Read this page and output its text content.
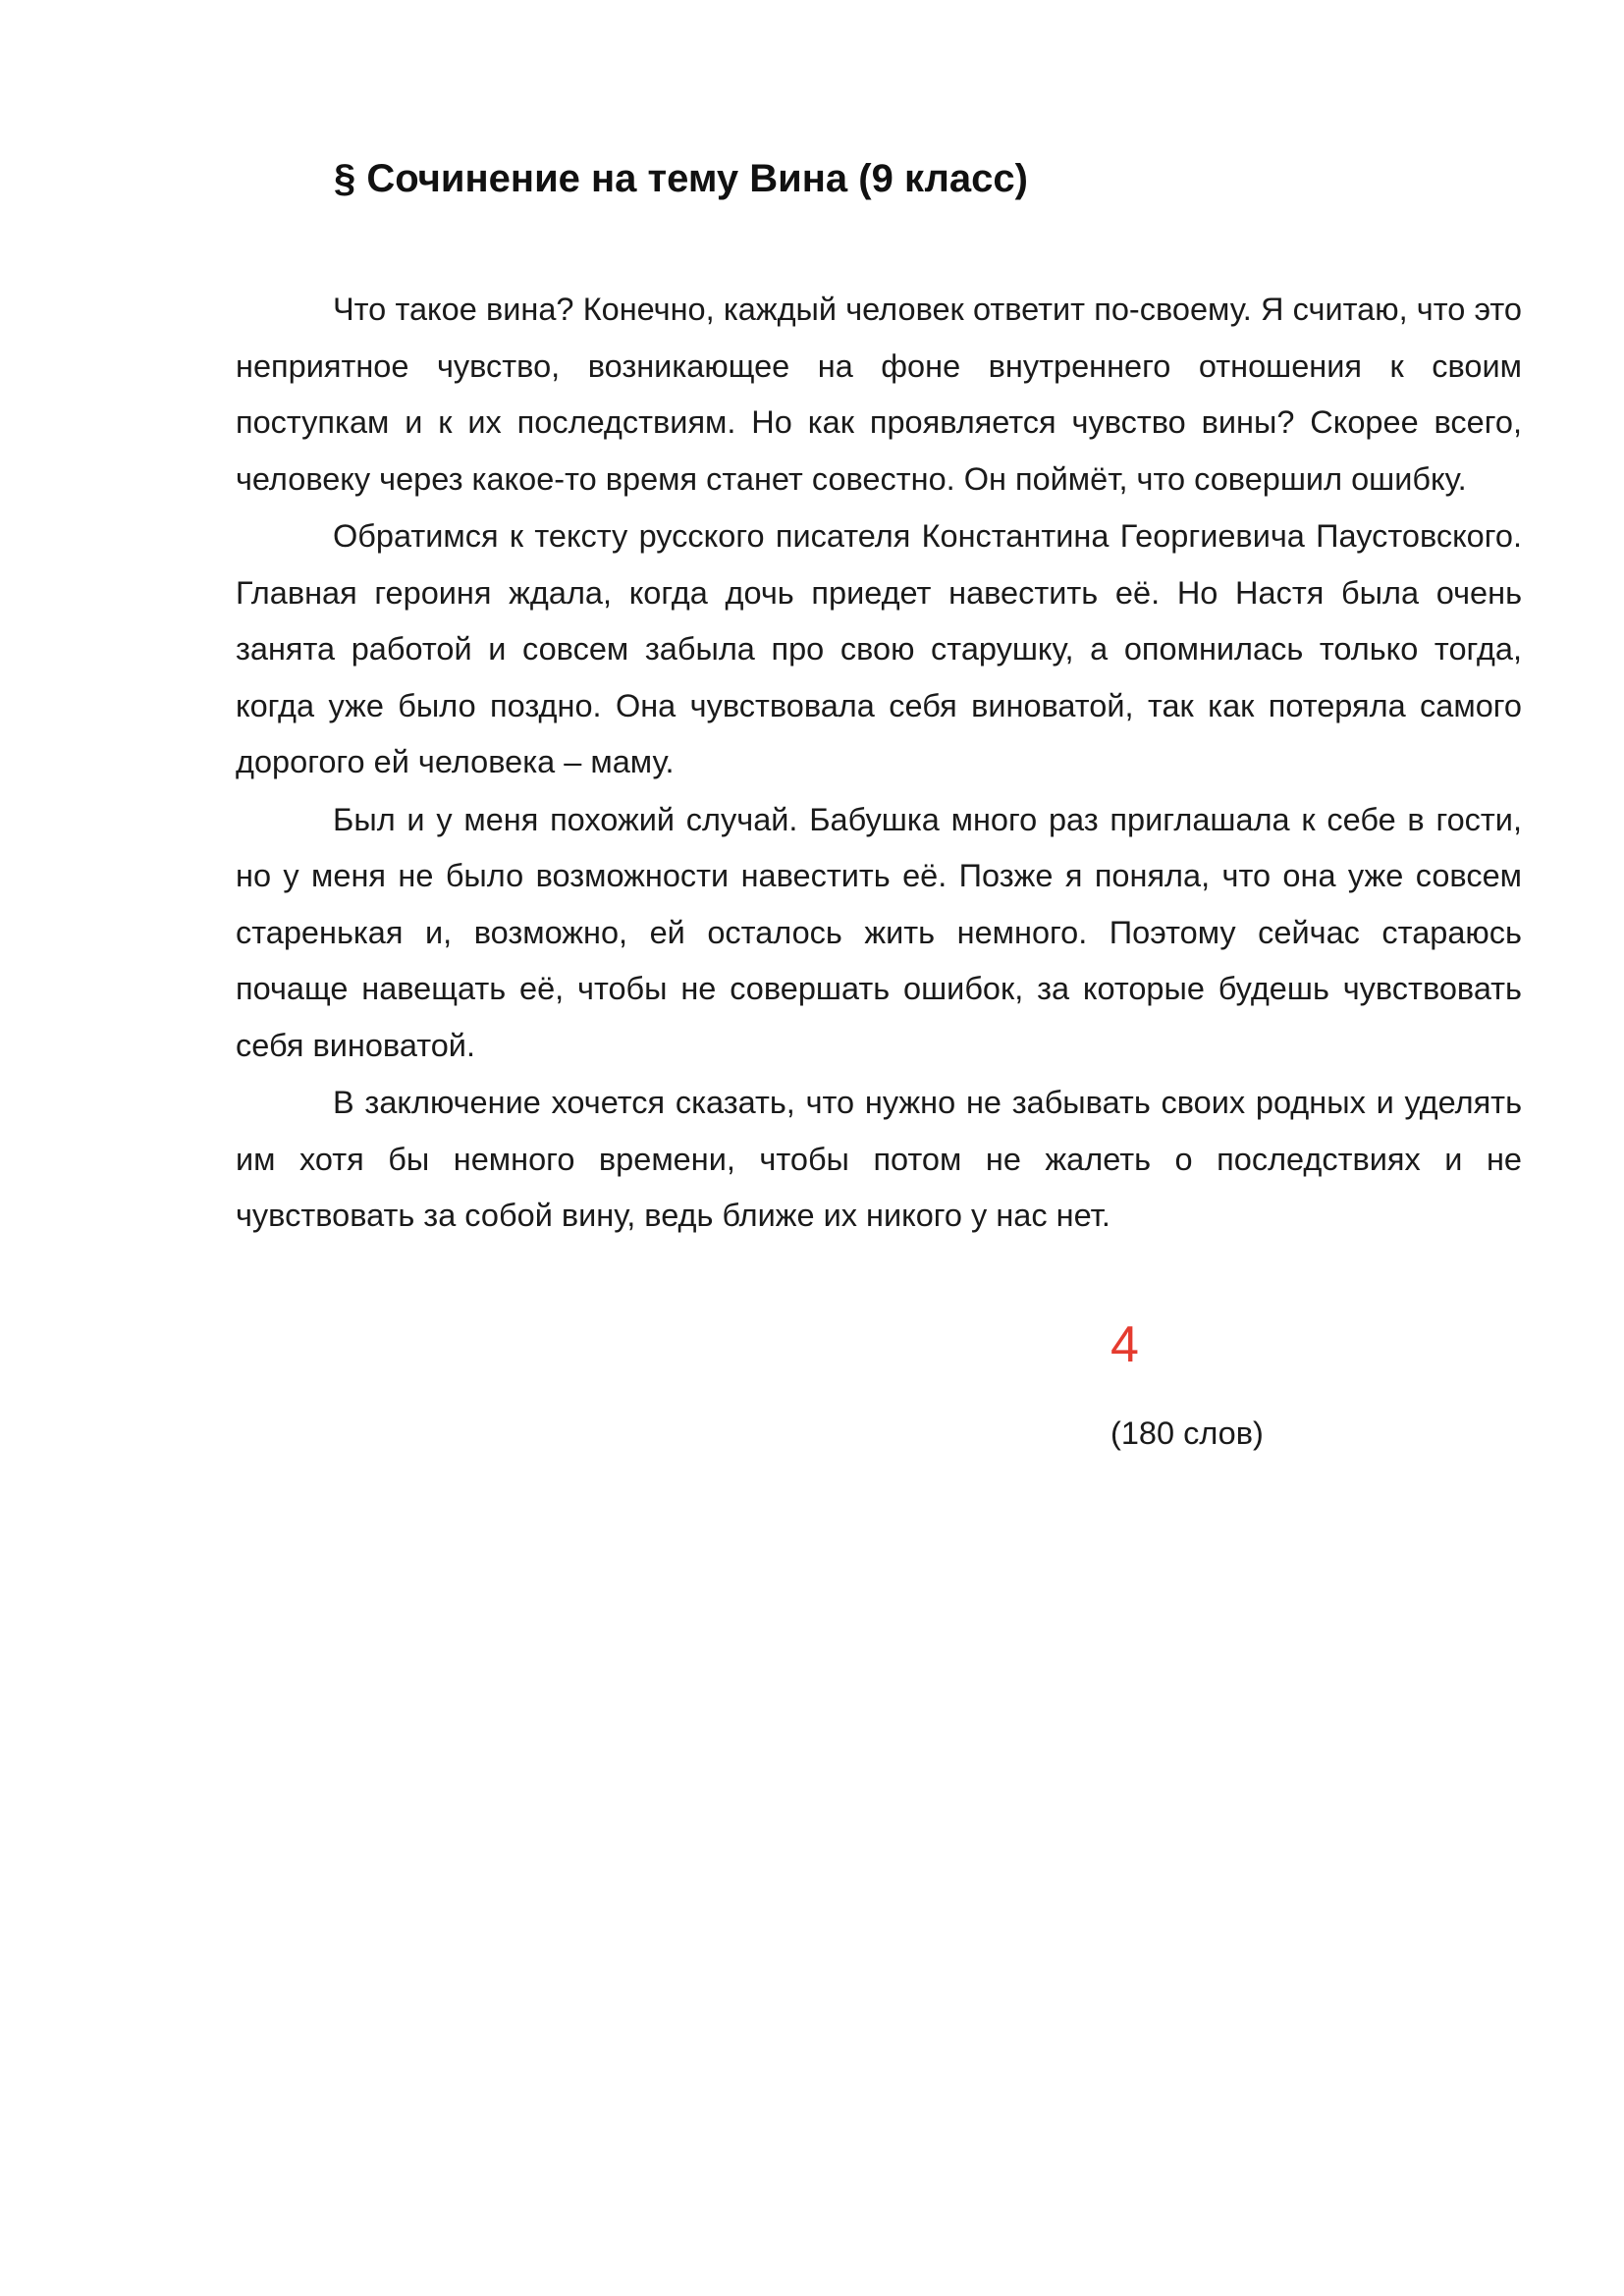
§ Сочинение на тему Вина (9 класс)

Что такое вина? Конечно, каждый человек ответит по-своему. Я считаю, что это неприятное чувство, возникающее на фоне внутреннего отношения к своим поступкам и к их последствиям. Но как проявляется чувство вины? Скорее всего, человеку через какое-то время станет совестно. Он поймёт, что совершил ошибку.

Обратимся к тексту русского писателя Константина Георгиевича Паустовского. Главная героиня ждала, когда дочь приедет навестить её. Но Настя была очень занята работой и совсем забыла про свою старушку, а опомнилась только тогда, когда уже было поздно. Она чувствовала себя виноватой, так как потеряла самого дорогого ей человека – маму.

Был и у меня похожий случай. Бабушка много раз приглашала к себе в гости, но у меня не было возможности навестить её. Позже я поняла, что она уже совсем старенькая и, возможно, ей осталось жить немного. Поэтому сейчас стараюсь почаще навещать её, чтобы не совершать ошибок, за которые будешь чувствовать себя виноватой.

В заключение хочется сказать, что нужно не забывать своих родных и уделять им хотя бы немного времени, чтобы потом не жалеть о последствиях и не чувствовать за собой вину, ведь ближе их никого у нас нет.

4
(180 слов)
